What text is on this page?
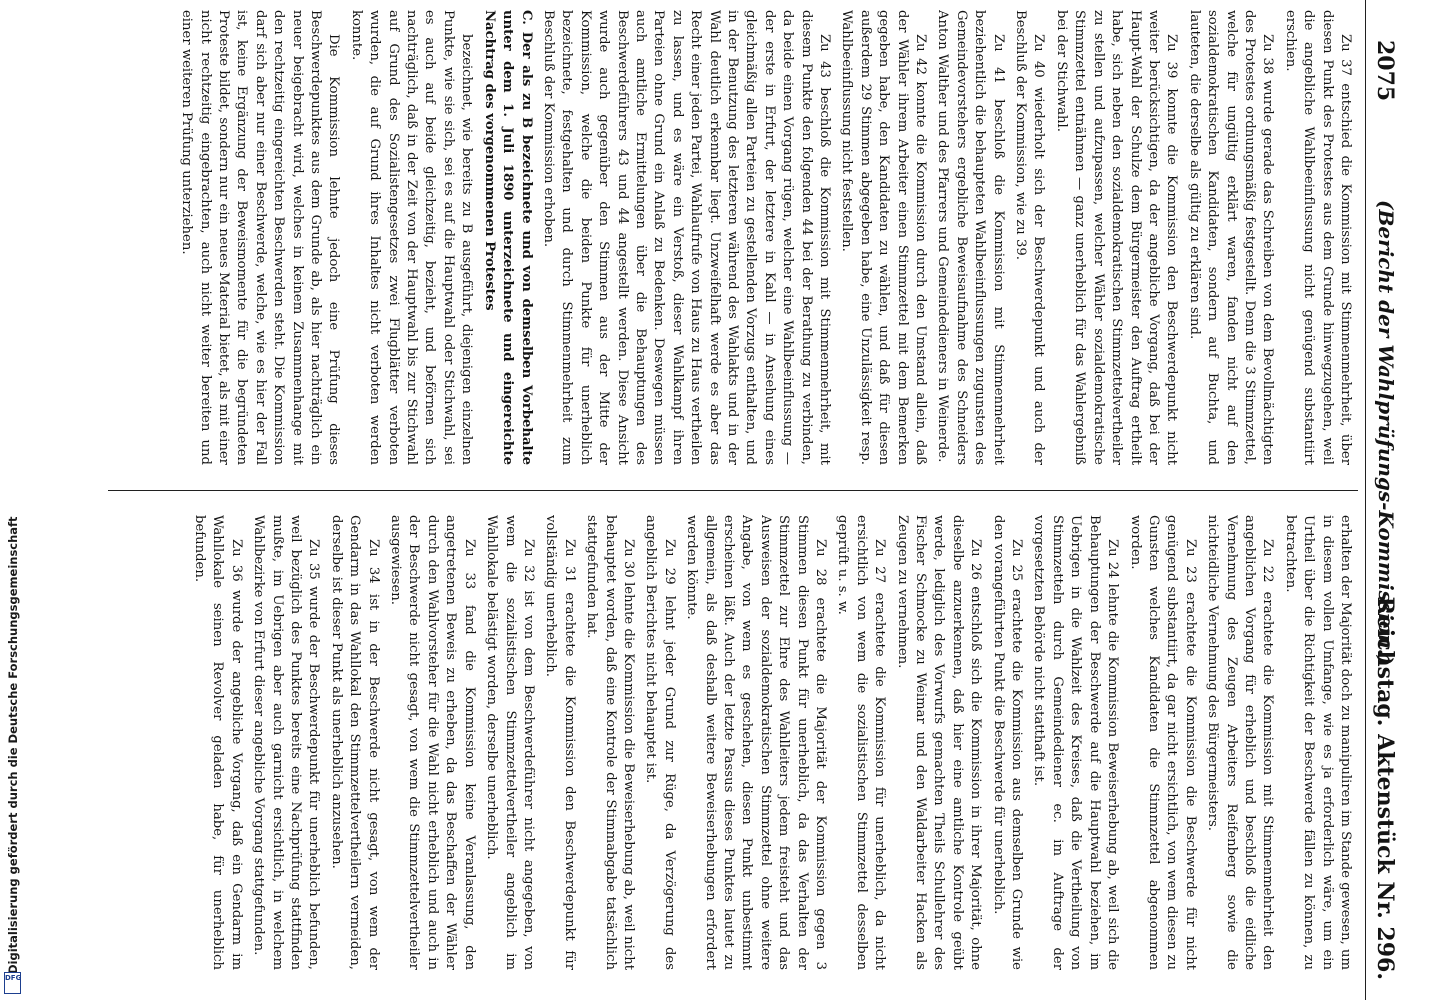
2075
(Bericht der Wahlprüfungs-Kommission.)
Reichstag. Aktenstück Nr. 296.

Zu 37 entschied die Kommission mit Stimmenmehrheit, über diesen Punkt des Protestes aus dem Grunde hinwegzugehen, weil die angebliche Wahlbeeinflussung nicht genügend substantiirt erschien.

Zu 38 wurde gerade das Schreiben von dem Bevollmächtigten des Protestes ordnungsmäßig festgestellt. Denn die 3 Stimmzettel, welche für ungültig erklärt waren, fanden nicht auf den sozialdemokratischen Kandidaten, sondern auf Buchta, und lauteten, die derselbe als gültig zu erklären sind.

Zu 39 konnte die Kommission den Beschwerdepunkt nicht weiter berücksichtigen, da der angebliche Vorgang, daß bei der Haupt-Wahl der Schulze dem Bürgermeister den Auftrag ertheilt habe, sich neben den sozialdemokratischen Stimmzettelvertheiler zu stellen und aufzupassen, welcher Wähler sozialdemokratische Stimmzettel entnähmen — ganz unerheblich für das Wahlergebniß bei der Stichwahl.

Zu 40 wiederholt sich der Beschwerdepunkt und auch der Beschluß der Kommission, wie zu 39.

Zu 41 beschloß die Kommission mit Stimmenmehrheit beziehentlich die behaupteten Wahlbeeinflussungen zugunsten des Gemeindevorstehers ergebliche Beweisaufnahme des Schneiders Anton Walther und des Pfarrers und Gemeindedieners in Weinerde.

Zu 42 konnte die Kommission durch den Umstand allein, daß der Wähler ihrem Arbeiter einen Stimmzettel mit dem Bemerken gegeben habe, den Kandidaten zu wählen, und daß für diesen außerdem 29 Stimmen abgegeben habe, eine Unzulässigkeit resp. Wahlbeeinflussung nicht feststellen.

Zu 43 beschloß die Kommission mit Stimmenmehrheit, mit diesem Punkte den folgenden 44 bei der Berathung zu verbinden, da beide einen Vorgang rügen, welcher eine Wahlbeeinflussung — der erste in Erfurt, der letztere in Kahl — in Ansehung eines gleichmäßig allen Parteien zu gestellenden Vorzugs enthalten, und in der Benutzung des letzteren während des Wahlakts und in der Wahl deutlich erkennbar liegt. Unzweifelhaft werde es aber das Recht einer jeden Partei, Wahlaufrufe von Haus zu Haus vertheilen zu lassen, und es wäre ein Verstoß, dieser Wahlkampf ihren Parteien ohne Grund ein Anlaß zu Bedenken. Deswegen müssen auch amtliche Ermittelungen über die Behauptungen des Beschwerdeführers 43 und 44 angestellt werden. Diese Ansicht wurde auch gegenüber den Stimmen aus der Mitte der Kommission, welche die beiden Punkte für unerheblich bezeichnete, festgehalten und durch Stimmenmehrheit zum Beschluß der Kommission erhoben.

C. Der als zu B bezeichnete und von demselben Vorbehalte unter dem 1. Juli 1890 unterzeichnete und eingereichte Nachtrag des vorgenommenen Protestes

bezeichnet, wie bereits zu B ausgeführt, diejenigen einzelnen Punkte, wie sie sich, sei es auf die Hauptwahl oder Stichwahl, sei es auch auf beide gleichzeitig, bezieht, und beförnen sich nachträglich, daß in der Zeit von der Hauptwahl bis zur Stichwahl auf Grund des Sozialistengesetzes zwei Flugblätter verboten wurden, die auf Grund ihres Inhaltes nicht verboten werden konnte.

Die Kommission lehnte jedoch eine Prüfung dieses Beschwerdepunktes aus dem Grunde ab, als hier nachträglich ein neuer beigebracht wird, welches in keinem Zusammenhange mit den rechtzeitig eingereichten Beschwerden steht. Die Kommission darf sich aber nur einer Beschwerde, welche, wie es hier der Fall ist, keine Ergänzung der Beweismomente für die begründeten Proteste bildet, sondern nur ein neues Material bietet, als mit einer nicht rechtzeitig eingebrachten, auch nicht weiter bereiten und einer weiteren Prüfung unterziehen.

erhalten der Majorität doch zu manipuliren im Stande gewesen, um in diesem vollen Umfange, wie es ja erforderlich wäre, um ein Urtheil über die Richtigkeit der Beschwerde fällen zu können, zu betrachten.

Zu 22 erachtete die Kommission mit Stimmenmehrheit den angeblichen Vorgang für erheblich und beschloß die eidliche Vernehmung des Zeugen Arbeiters Reifenberg sowie die nichteidliche Vernehmung des Bürgermeisters.

Zu 23 erachtete die Kommission die Beschwerde für nicht genügend substantiirt, da gar nicht ersichtlich, von wem diesen zu Gunsten welches Kandidaten die Stimmzettel abgenommen worden.

Zu 24 lehnte die Kommission Beweiserhebung ab, weil sich die Behauptungen der Beschwerde auf die Hauptwahl beziehen, im Uebrigen in die Wahlzeit des Kreises, daß die Vertheilung von Stimmzetteln durch Gemeindediener ec. im Auftrage der vorgesetzten Behörde nicht statthaft ist.

Zu 25 erachtete die Kommission aus demselben Grunde wie den vorangeführten Punkt die Beschwerde für unerheblich.

Zu 26 entschloß sich die Kommission in ihrer Majorität, ohne dieselbe anzuerkennen, daß hier eine amtliche Kontrole geübt werde, lediglich des Vorwurfs gemachten Theils Schullehrer des Fischer Schmocke zu Weimar und den Waldarbeiter Hacken als Zeugen zu vernehmen.

Zu 27 erachtete die Kommission für unerheblich, da nicht ersichtlich von wem die sozialistischen Stimmzettel desselben geprüft u. s. w.

Zu 28 erachtete die Majorität der Kommission gegen 3 Stimmen diesen Punkt für unerheblich, da das Verhalten der Stimmzettel zur Ehre des Wahlleiters jedem freisteht und das Ausweisen der sozialdemokratischen Stimmzettel ohne weitere Angabe, von wem es geschehen, diesen Punkt unbestimmt erscheinen läßt. Auch der letzte Passus dieses Punktes lautet zu allgemein, als daß deshalb weitere Beweiserhebungen erfordert werden könnte.

Zu 29 lehnt jeder Grund zur Rüge, da Verzögerung des angeblich Berichtes nicht behauptet ist.

Zu 30 lehnte die Kommission die Beweiserhebung ab, weil nicht behauptet worden, daß eine Kontrole der Stimmabgabe tatsächlich stattgefunden hat.

Zu 31 erachtete die Kommission den Beschwerdepunkt für vollständig unerheblich.

Zu 32 ist von dem Beschwerdeführer nicht angegeben, von wem die sozialistischen Stimmzettelvertheiler angeblich im Wahllokale belästigt worden, derselbe unerheblich.

Zu 33 fand die Kommission keine Veranlassung, den angetretenen Beweis zu erheben, da das Beschaffen der Wähler durch den Wahlvorsteher für die Wahl nicht erheblich und auch in der Beschwerde nicht gesagt, von wem die Stimmzettelvertheiler ausgewiesen.

Zu 34 ist in der Beschwerde nicht gesagt, von wem der Gendarm in das Wahllokal den Stimmzettelvertheilern vermeiden, derselbe ist dieser Punkt als unerheblich anzusehen.

Zu 35 wurde der Beschwerdepunkt für unerheblich befunden, weil bezüglich des Punktes bereits eine Nachprüfung stattfinden mußte, im Uebrigen aber auch garnicht ersichtlich, in welchem Wahlbezirke von Erfurt dieser angebliche Vorgang stattgefunden.

Zu 36 wurde der angebliche Vorgang, daß ein Gendarm im Wahllokale seinen Revolver geladen habe, für unerheblich befunden.

Digitalisierung gefördert durch die Deutsche Forschungsgemeinschaft
DFG
